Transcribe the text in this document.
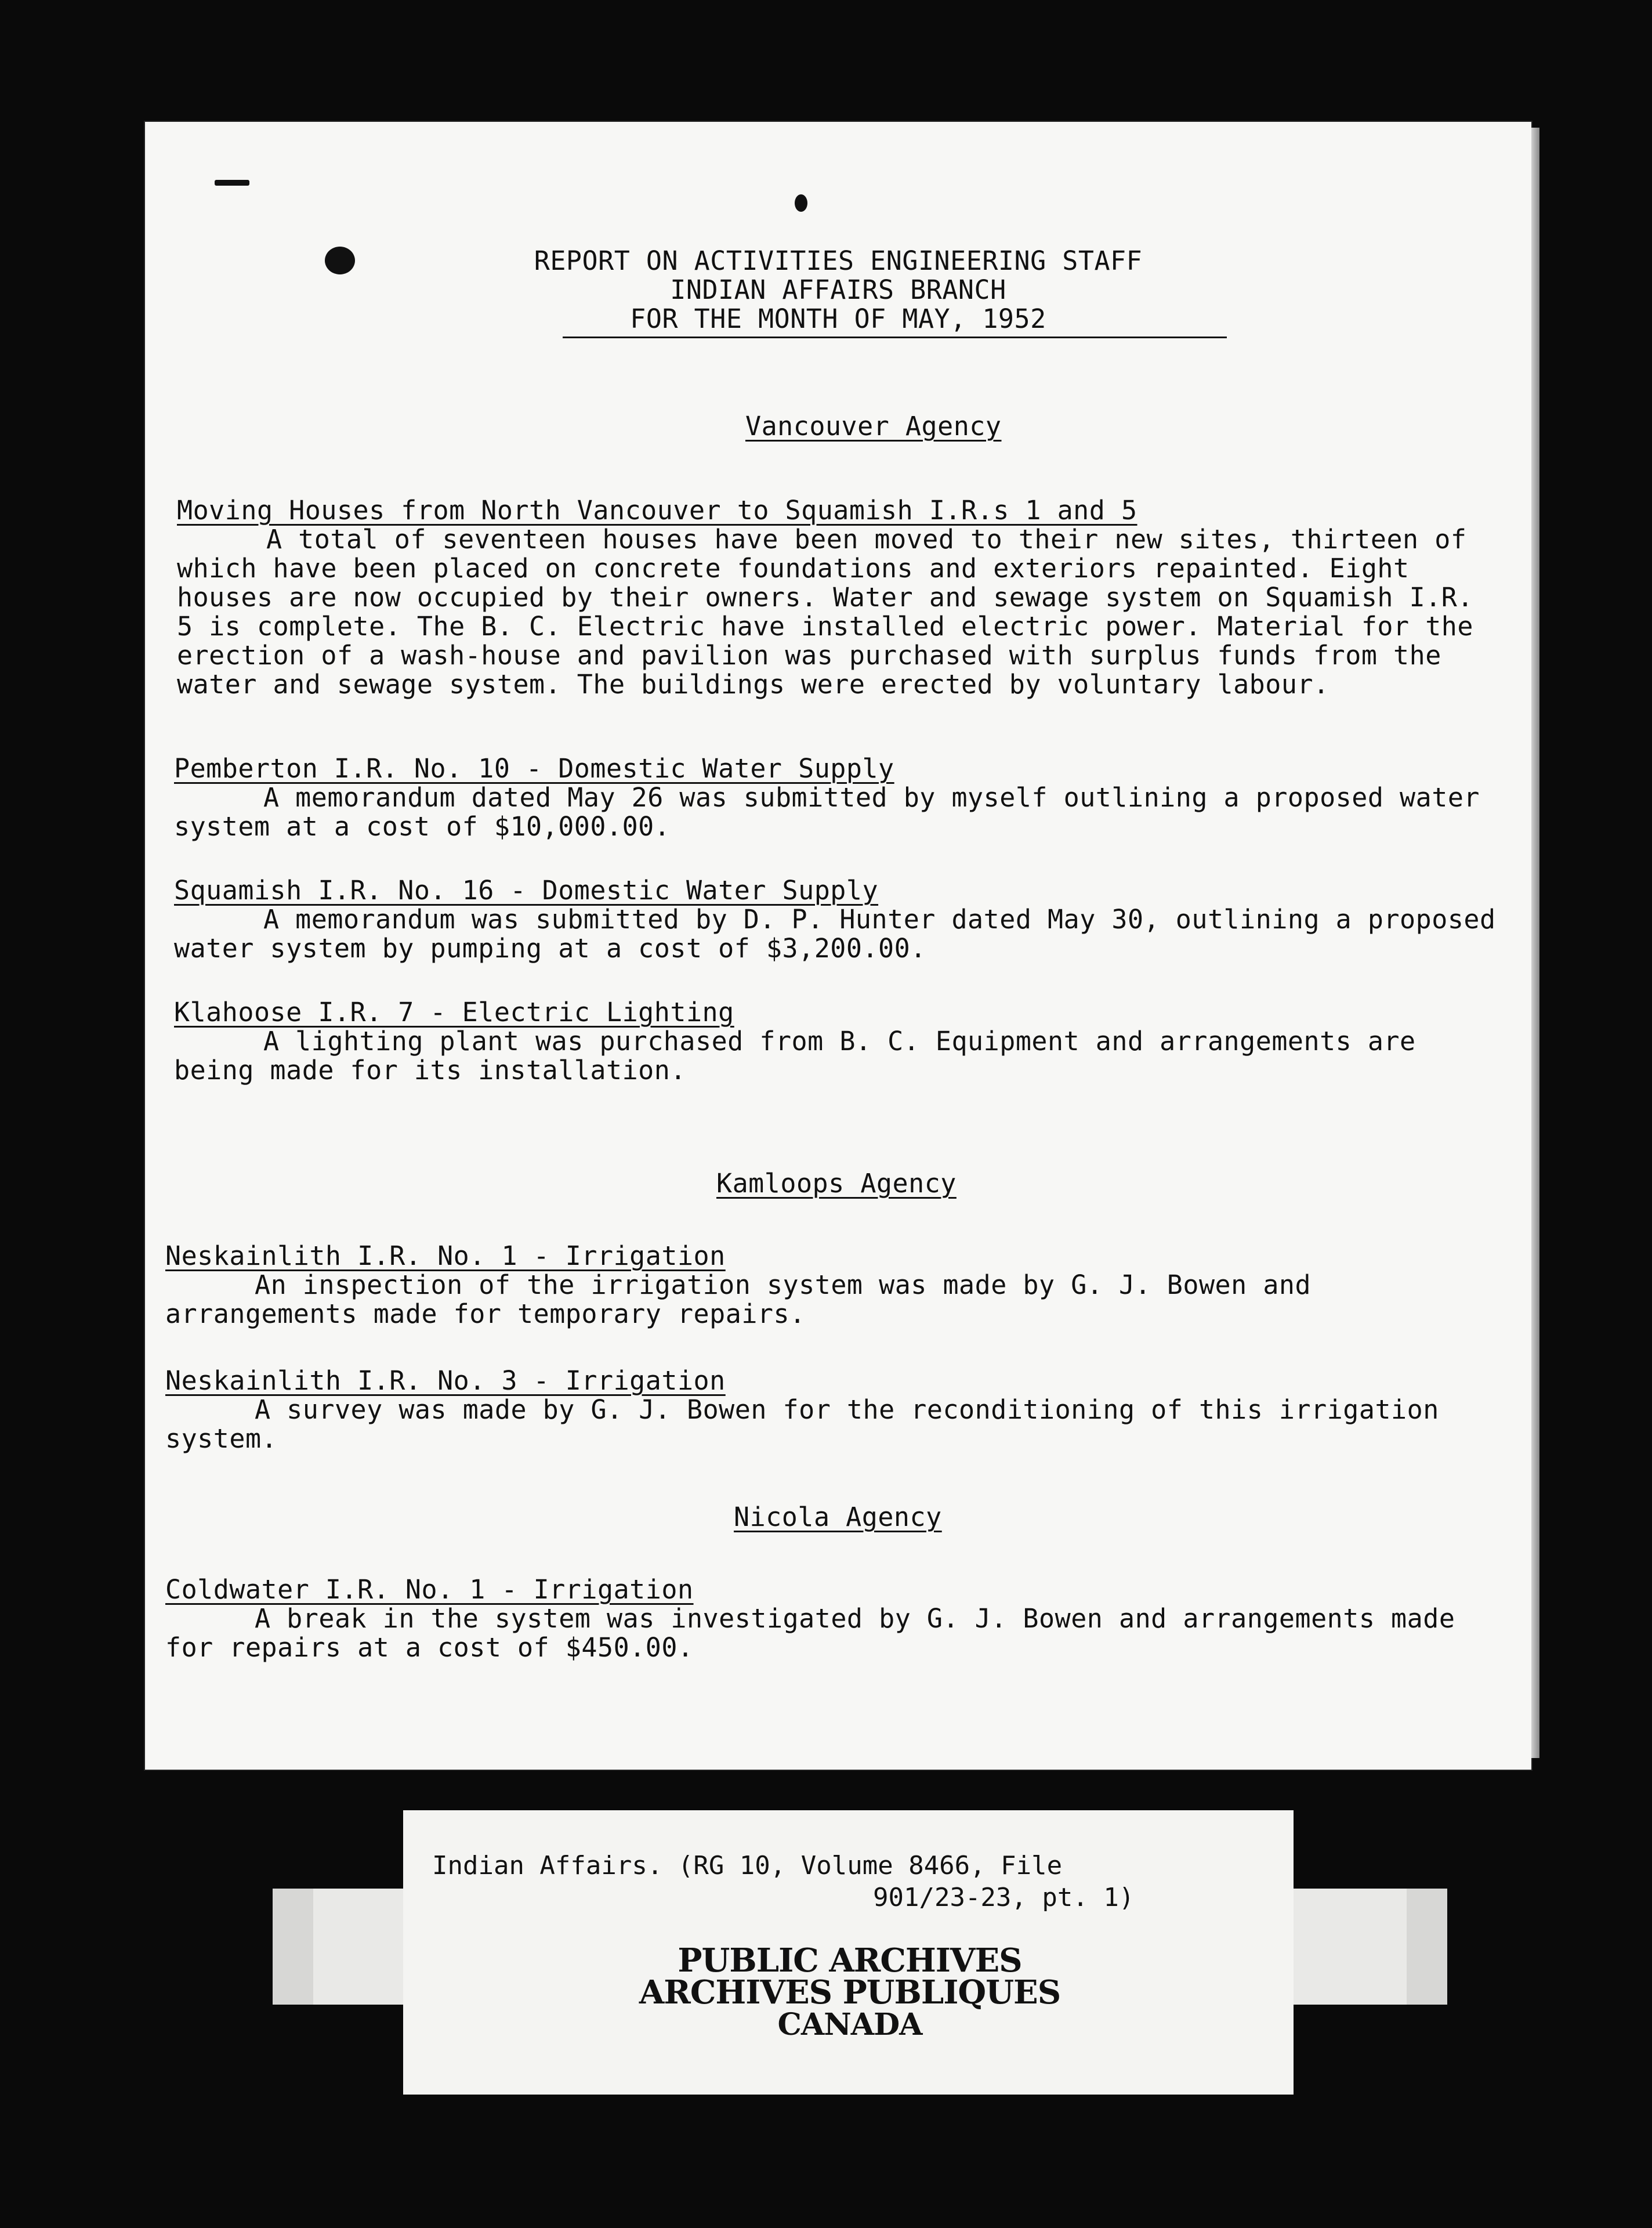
REPORT ON ACTIVITIES ENGINEERING STAFF
INDIAN AFFAIRS BRANCH
FOR THE MONTH OF MAY, 1952
Vancouver Agency
Moving Houses from North Vancouver to Squamish I.R.s 1 and 5
A total of seventeen houses have been moved to their new sites, thirteen of which have been placed on concrete foundations and exteriors repainted. Eight houses are now occupied by their owners. Water and sewage system on Squamish I.R. 5 is complete. The B. C. Electric have installed electric power. Material for the erection of a wash-house and pavilion was purchased with surplus funds from the water and sewage system. The buildings were erected by voluntary labour.
Pemberton I.R. No. 10 - Domestic Water Supply
A memorandum dated May 26 was submitted by myself outlining a proposed water system at a cost of $10,000.00.
Squamish I.R. No. 16 - Domestic Water Supply
A memorandum was submitted by D. P. Hunter dated May 30, outlining a proposed water system by pumping at a cost of $3,200.00.
Klahoose I.R. 7 - Electric Lighting
A lighting plant was purchased from B. C. Equipment and arrangements are being made for its installation.
Kamloops Agency
Neskainlith I.R. No. 1 - Irrigation
An inspection of the irrigation system was made by G. J. Bowen and arrangements made for temporary repairs.
Neskainlith I.R. No. 3 - Irrigation
A survey was made by G. J. Bowen for the reconditioning of this irrigation system.
Nicola Agency
Coldwater I.R. No. 1 - Irrigation
A break in the system was investigated by G. J. Bowen and arrangements made for repairs at a cost of $450.00.
Indian Affairs. (RG 10, Volume 8466, File
901/23-23, pt. 1)
PUBLIC ARCHIVES
ARCHIVES PUBLIQUES
CANADA
